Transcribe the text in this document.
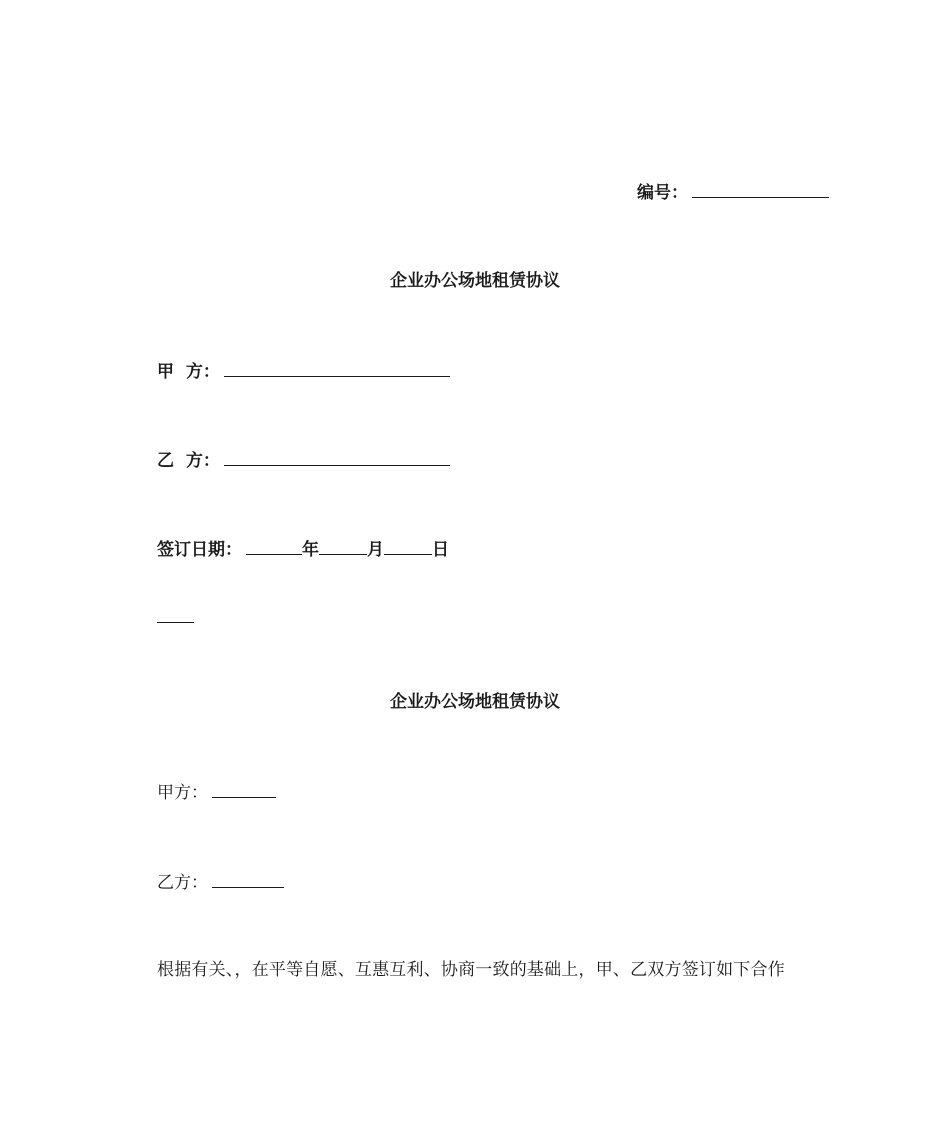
编号：
企业办公场地租赁协议
甲  方：
乙  方：
签订日期：	年	月	日
企业办公场地租赁协议
甲方：
乙方：
根据有关、，在平等自愿、互惠互利、协商一致的基础上，甲、乙双方签订如下合作
